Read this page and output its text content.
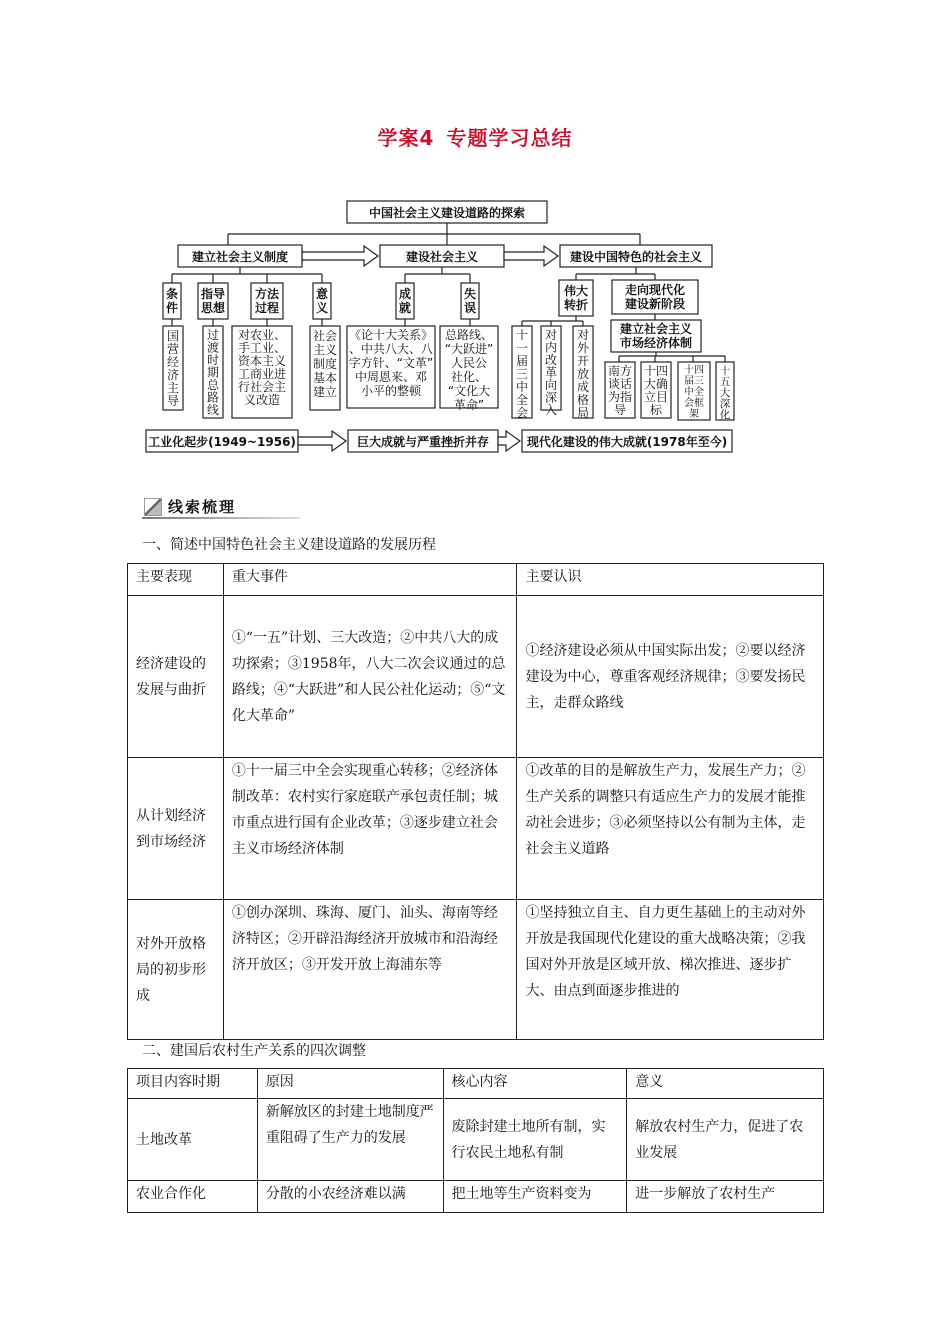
学案4 专题学习总结
中国社会主义建设道路的探索
建立社会主义制度	建设社会主义	建设中国特色的社会主义
条件
指导思想
方法过程
意义
国营经济主导
过渡时期总路线
对农业、手工业、资本主义工商业进行社会主义改造
社会主义制度基本建立
成就
失误
《论十大关系》、中共八大、八字方针、“文革”中周恩来、邓小平的整顿
总路线、“大跃进”人民公社化、“文化大革命”
伟大转折
走向现代化建设新阶段
十一届三中全会
对内改革向深入
对外开放成格局
建立社会主义市场经济体制
南方谈话为指导
十四大确立目标
十四届三中全会框架
十五大深化
工业化起步(1949~1956)	巨大成就与严重挫折并存	现代化建设的伟大成就(1978年至今)
线索梳理
一、简述中国特色社会主义建设道路的发展历程
主要表现	重大事件	主要认识
经济建设的发展与曲折	①“一五”计划、三大改造；②中共八大的成功探索；③1958年，八大二次会议通过的总路线；④“大跃进”和人民公社化运动；⑤“文化大革命”	①经济建设必须从中国实际出发；②要以经济建设为中心，尊重客观经济规律；③要发扬民主，走群众路线
从计划经济到市场经济	①十一届三中全会实现重心转移；②经济体制改革：农村实行家庭联产承包责任制；城市重点进行国有企业改革；③逐步建立社会主义市场经济体制	①改革的目的是解放生产力，发展生产力；②生产关系的调整只有适应生产力的发展才能推动社会进步；③必须坚持以公有制为主体，走社会主义道路
对外开放格局的初步形成	①创办深圳、珠海、厦门、汕头、海南等经济特区；②开辟沿海经济开放城市和沿海经济开放区；③开发开放上海浦东等	①坚持独立自主、自力更生基础上的主动对外开放是我国现代化建设的重大战略决策；②我国对外开放是区域开放、梯次推进、逐步扩大、由点到面逐步推进的
二、建国后农村生产关系的四次调整
项目内容时期	原因	核心内容	意义
土地改革	新解放区的封建土地制度严重阻碍了生产力的发展	废除封建土地所有制，实行农民土地私有制	解放农村生产力，促进了农业发展
农业合作化	分散的小农经济难以满	把土地等生产资料变为	进一步解放了农村生产
